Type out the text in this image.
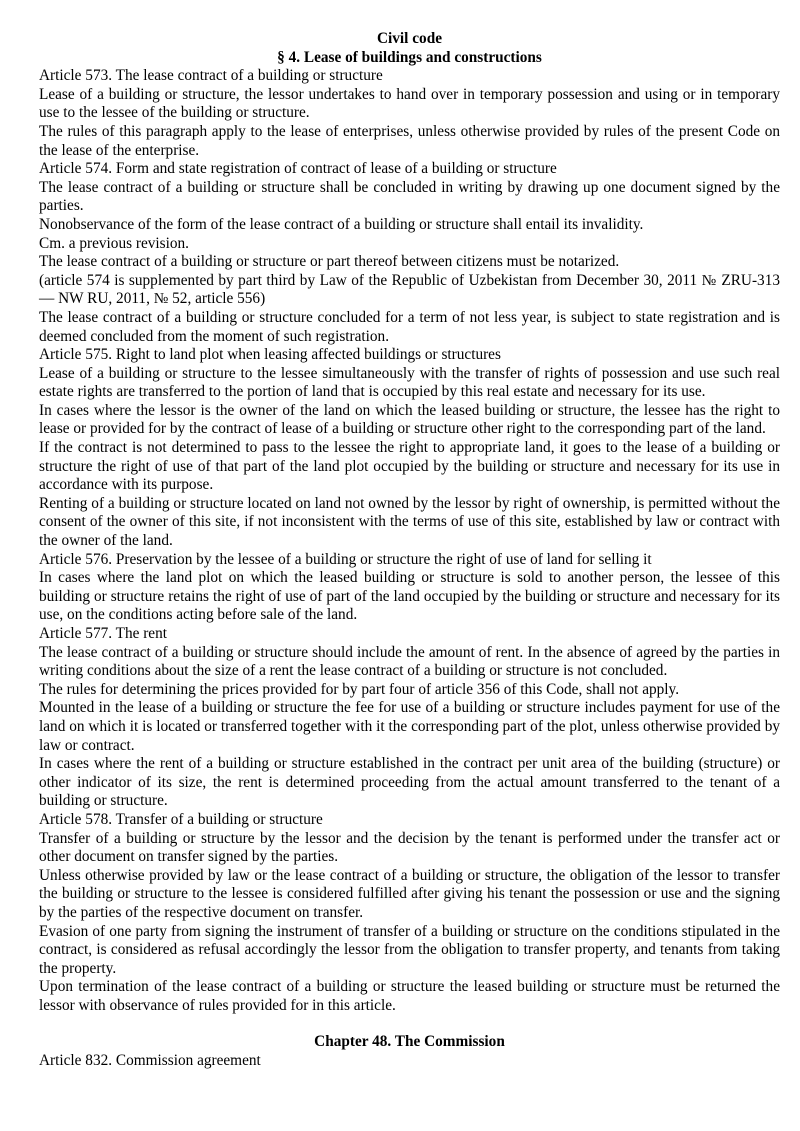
Civil code
§ 4. Lease of buildings and constructions

Article 573. The lease contract of a building or structure

Lease of a building or structure, the lessor undertakes to hand over in temporary possession and using or in temporary use to the lessee of the building or structure.

The rules of this paragraph apply to the lease of enterprises, unless otherwise provided by rules of the present Code on the lease of the enterprise.

Article 574. Form and state registration of contract of lease of a building or structure

The lease contract of a building or structure shall be concluded in writing by drawing up one document signed by the parties.

Nonobservance of the form of the lease contract of a building or structure shall entail its invalidity.

Cm. a previous revision.

The lease contract of a building or structure or part thereof between citizens must be notarized.

(article 574 is supplemented by part third by Law of the Republic of Uzbekistan from December 30, 2011 № ZRU-313 — NW RU, 2011, № 52, article 556)

The lease contract of a building or structure concluded for a term of not less year, is subject to state registration and is deemed concluded from the moment of such registration.

Article 575. Right to land plot when leasing affected buildings or structures

Lease of a building or structure to the lessee simultaneously with the transfer of rights of possession and use such real estate rights are transferred to the portion of land that is occupied by this real estate and necessary for its use.

In cases where the lessor is the owner of the land on which the leased building or structure, the lessee has the right to lease or provided for by the contract of lease of a building or structure other right to the corresponding part of the land.

If the contract is not determined to pass to the lessee the right to appropriate land, it goes to the lease of a building or structure the right of use of that part of the land plot occupied by the building or structure and necessary for its use in accordance with its purpose.

Renting of a building or structure located on land not owned by the lessor by right of ownership, is permitted without the consent of the owner of this site, if not inconsistent with the terms of use of this site, established by law or contract with the owner of the land.

Article 576. Preservation by the lessee of a building or structure the right of use of land for selling it

In cases where the land plot on which the leased building or structure is sold to another person, the lessee of this building or structure retains the right of use of part of the land occupied by the building or structure and necessary for its use, on the conditions acting before sale of the land.

Article 577. The rent

The lease contract of a building or structure should include the amount of rent. In the absence of agreed by the parties in writing conditions about the size of a rent the lease contract of a building or structure is not concluded.

The rules for determining the prices provided for by part four of article 356 of this Code, shall not apply.

Mounted in the lease of a building or structure the fee for use of a building or structure includes payment for use of the land on which it is located or transferred together with it the corresponding part of the plot, unless otherwise provided by law or contract.

In cases where the rent of a building or structure established in the contract per unit area of the building (structure) or other indicator of its size, the rent is determined proceeding from the actual amount transferred to the tenant of a building or structure.

Article 578. Transfer of a building or structure

Transfer of a building or structure by the lessor and the decision by the tenant is performed under the transfer act or other document on transfer signed by the parties.

Unless otherwise provided by law or the lease contract of a building or structure, the obligation of the lessor to transfer the building or structure to the lessee is considered fulfilled after giving his tenant the possession or use and the signing by the parties of the respective document on transfer.

Evasion of one party from signing the instrument of transfer of a building or structure on the conditions stipulated in the contract, is considered as refusal accordingly the lessor from the obligation to transfer property, and tenants from taking the property.

Upon termination of the lease contract of a building or structure the leased building or structure must be returned the lessor with observance of rules provided for in this article.

Chapter 48. The Commission

Article 832. Commission agreement
